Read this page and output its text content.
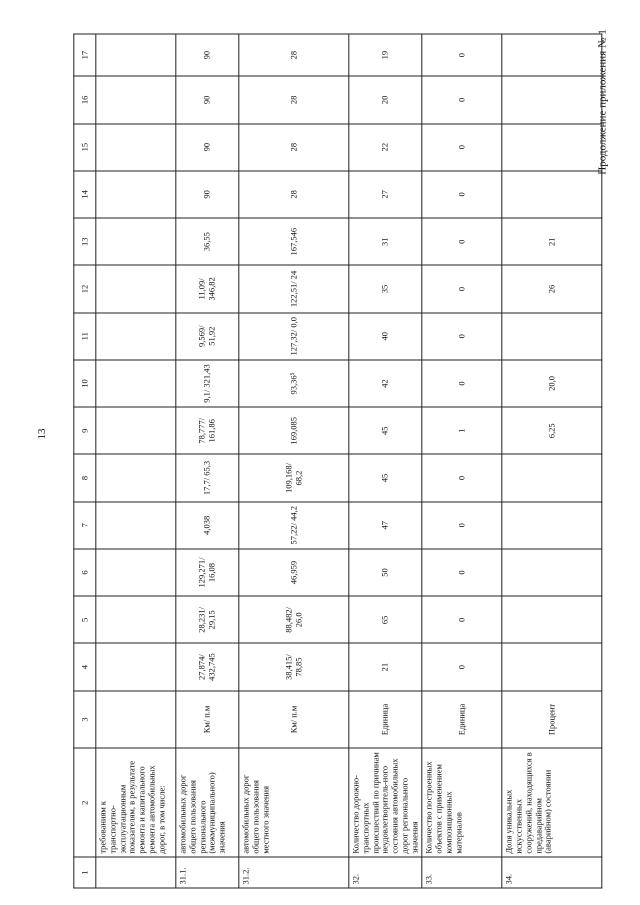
13
Продолжение приложения № 1
1	2	3	4	5	6	7	8	9	10	11	12	13	14	15	16	17
	требованиям к транспортно-эксплуатационным показателям, в результате ремонта и капитального ремонта автомобильных дорог, в том числе:															
31.1.	автомобильных дорог общего пользования регионального (межмуниципального) значения	Км/ п.м	27,874/ 432,745	28,231/ 29,15	129,271/ 16,08	4,038	17,7/ 65,3	78,777/ 161,86	9,1/ 321,43	9,569/ 51,92	11,09/ 346,82	36,55	90	90	90	90
31.2.	автомобильных дорог общего пользования местного значения	Км/ п.м	38,415/ 78,85	88,482/ 26,0	46,959	57,22/ 44,2	109,168/ 68,2	169,085	93,36⁵	127,32/ 0,0	122,51/ 24	167,546	28	28	28	28
32.	Количество дорожно-транспортных происшествий по причинам неудовлетворитель-ного состояния автомобильных дорог регионального значения	Единица	21	65	50	47	45	45	42	40	35	31	27	22	20	19
33.	Количество построенных объектов с применением композиционных материалов	Единица	0	0	0	0	0	1	0	0	0	0	0	0	0	0
34.	Доля уникальных искусственных сооружений, находящихся в предаварийном (аварийном) состоянии	Процент						6,25	20,0		26	21				
